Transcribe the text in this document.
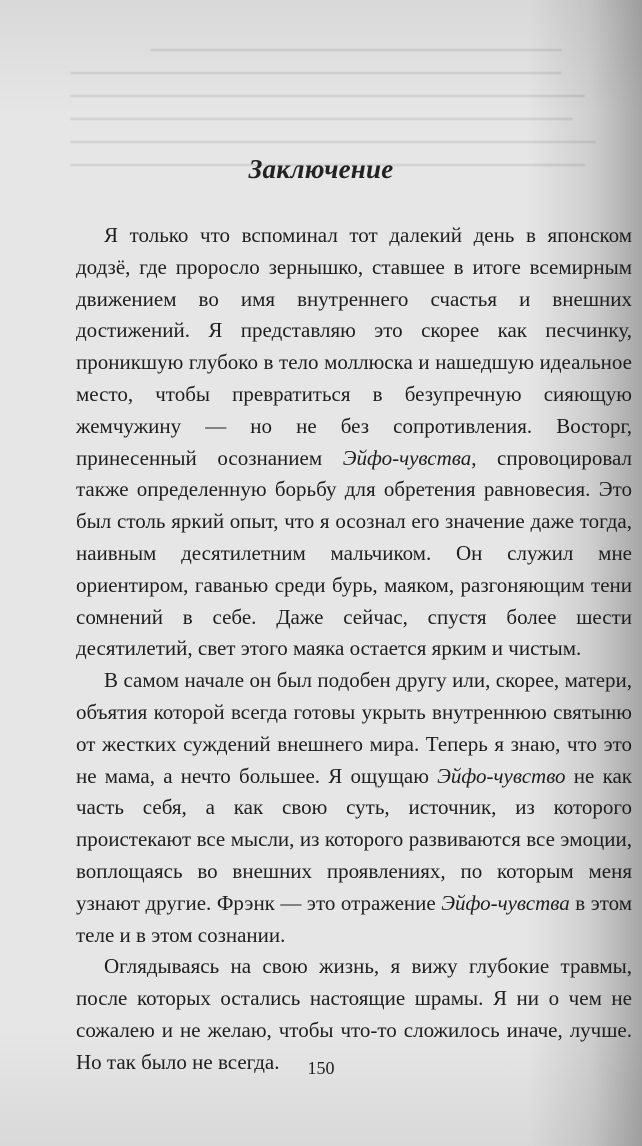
Заключение

Я только что вспоминал тот далекий день в японском додзё, где проросло зернышко, ставшее в итоге всемирным движением во имя внутреннего счастья и внешних достижений. Я представляю это скорее как песчинку, проникшую глубоко в тело моллюска и нашедшую идеальное место, чтобы превратиться в безупречную сияющую жемчужину — но не без сопротивления. Восторг, принесенный осознанием Эйфо-чувства, спровоцировал также определенную борьбу для обретения равновесия. Это был столь яркий опыт, что я осознал его значение даже тогда, наивным десятилетним мальчиком. Он служил мне ориентиром, гаванью среди бурь, маяком, разгоняющим тени сомнений в себе. Даже сейчас, спустя более шести десятилетий, свет этого маяка остается ярким и чистым.

В самом начале он был подобен другу или, скорее, матери, объятия которой всегда готовы укрыть внутреннюю святыню от жестких суждений внешнего мира. Теперь я знаю, что это не мама, а нечто большее. Я ощущаю Эйфо-чувство не как часть себя, а как свою суть, источник, из которого проистекают все мысли, из которого развиваются все эмоции, воплощаясь во внешних проявлениях, по которым меня узнают другие. Фрэнк — это отражение Эйфо-чувства в этом теле и в этом сознании.

Оглядываясь на свою жизнь, я вижу глубокие травмы, после которых остались настоящие шрамы. Я ни о чем не сожалею и не желаю, чтобы что-то сложилось иначе, лучше. Но так было не всегда.	150
